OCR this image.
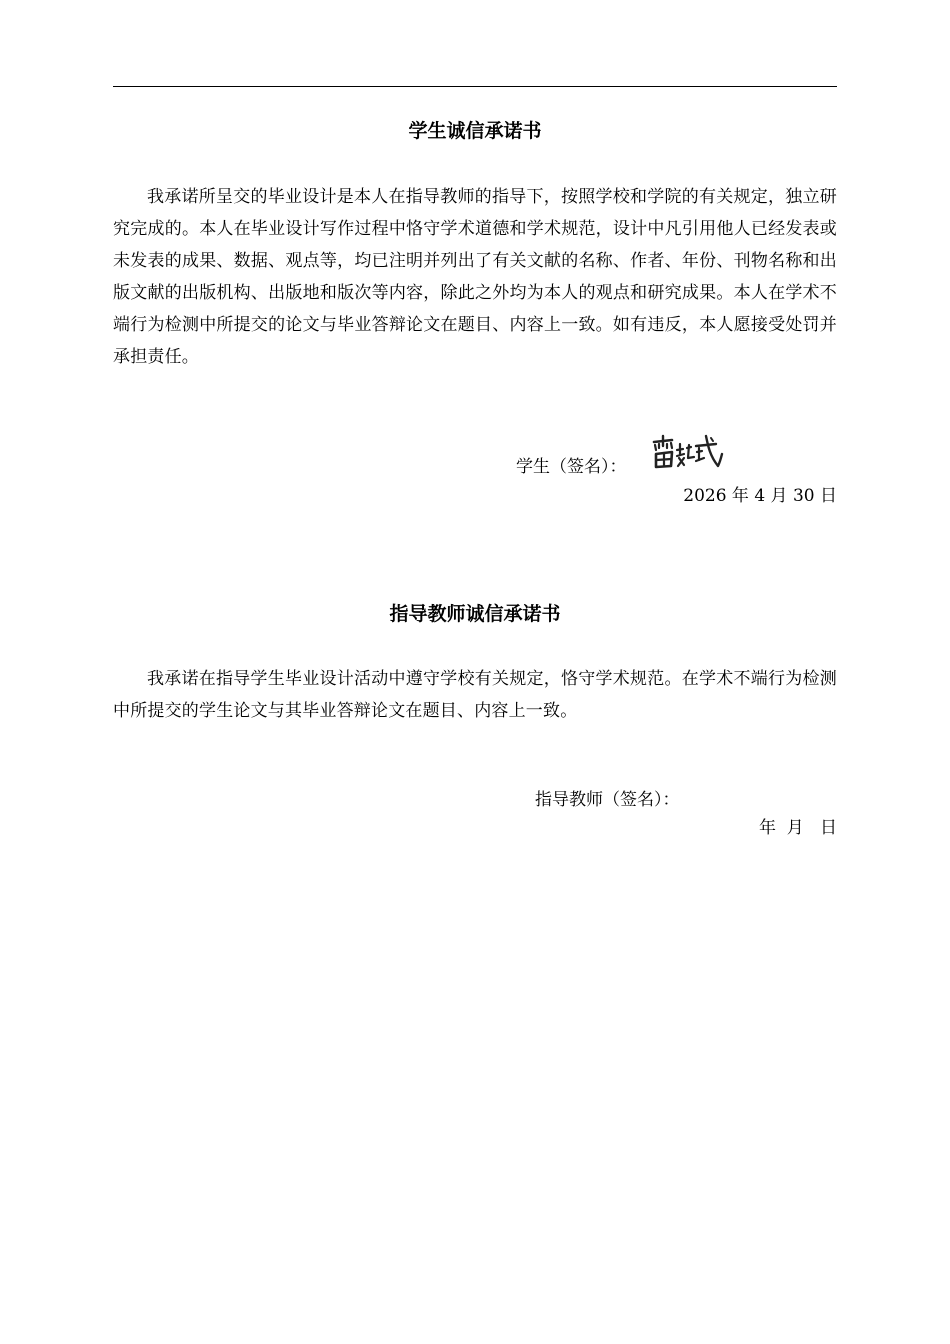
学生诚信承诺书
我承诺所呈交的毕业设计是本人在指导教师的指导下，按照学校和学院的有关规定，独立研究完成的。本人在毕业设计写作过程中恪守学术道德和学术规范，设计中凡引用他人已经发表或未发表的成果、数据、观点等，均已注明并列出了有关文献的名称、作者、年份、刊物名称和出版文献的出版机构、出版地和版次等内容，除此之外均为本人的观点和研究成果。本人在学术不端行为检测中所提交的论文与毕业答辩论文在题目、内容上一致。如有违反，本人愿接受处罚并承担责任。
学生（签名）：
2026 年 4 月 30 日
指导教师诚信承诺书
我承诺在指导学生毕业设计活动中遵守学校有关规定，恪守学术规范。在学术不端行为检测中所提交的学生论文与其毕业答辩论文在题目、内容上一致。
指导教师（签名）：
年  月   日
